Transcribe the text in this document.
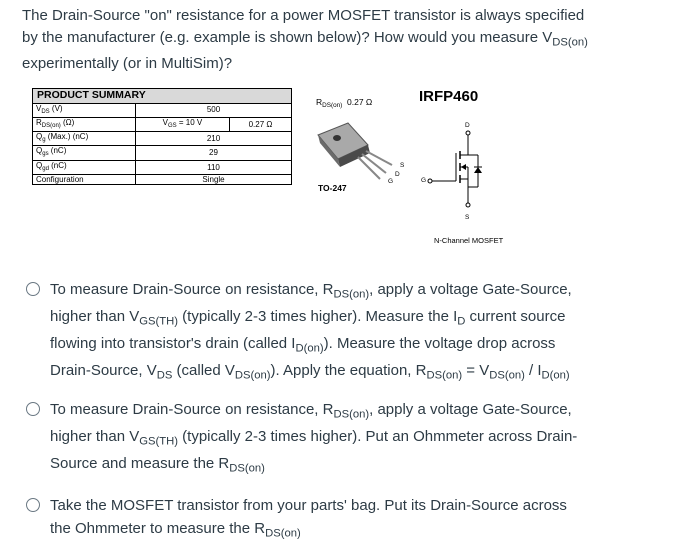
The Drain-Source "on" resistance for a power MOSFET transistor is always specified
by the manufacturer (e.g. example is shown below)? How would you measure $V_{DS(on)}$
experimentally (or in MultiSim)?
PRODUCT SUMMARY		
$V_{DS}$ (V)	500	
$R_{DS(on)}$ (Ω)	$V_{GS} = 10$ V	0.27 Ω
$Q_g$ (Max.) (nC)	210	
$Q_{gs}$ (nC)	29	
$Q_{gd}$ (nC)	110	
Configuration	Single	
$R_{DS(on)}$ 0.27 Ω	IRFP460
G
D
S
TO-247
D
G
S
N-Channel MOSFET
To measure Drain-Source on resistance, $R_{DS(on)}$, apply a voltage Gate-Source,
higher than $V_{GS(TH)}$ (typically 2-3 times higher). Measure the $I_D$ current source
flowing into transistor's drain (called $I_{D(on)}$). Measure the voltage drop across
Drain-Source, $V_{DS}$ (called $V_{DS(on)}$). Apply the equation, $R_{DS(on)} = V_{DS(on)} / I_{D(on)}$
To measure Drain-Source on resistance, $R_{DS(on)}$, apply a voltage Gate-Source,
higher than $V_{GS(TH)}$ (typically 2-3 times higher). Put an Ohmmeter across Drain-
Source and measure the $R_{DS(on)}$
Take the MOSFET transistor from your parts' bag. Put its Drain-Source across
the Ohmmeter to measure the $R_{DS(on)}$
